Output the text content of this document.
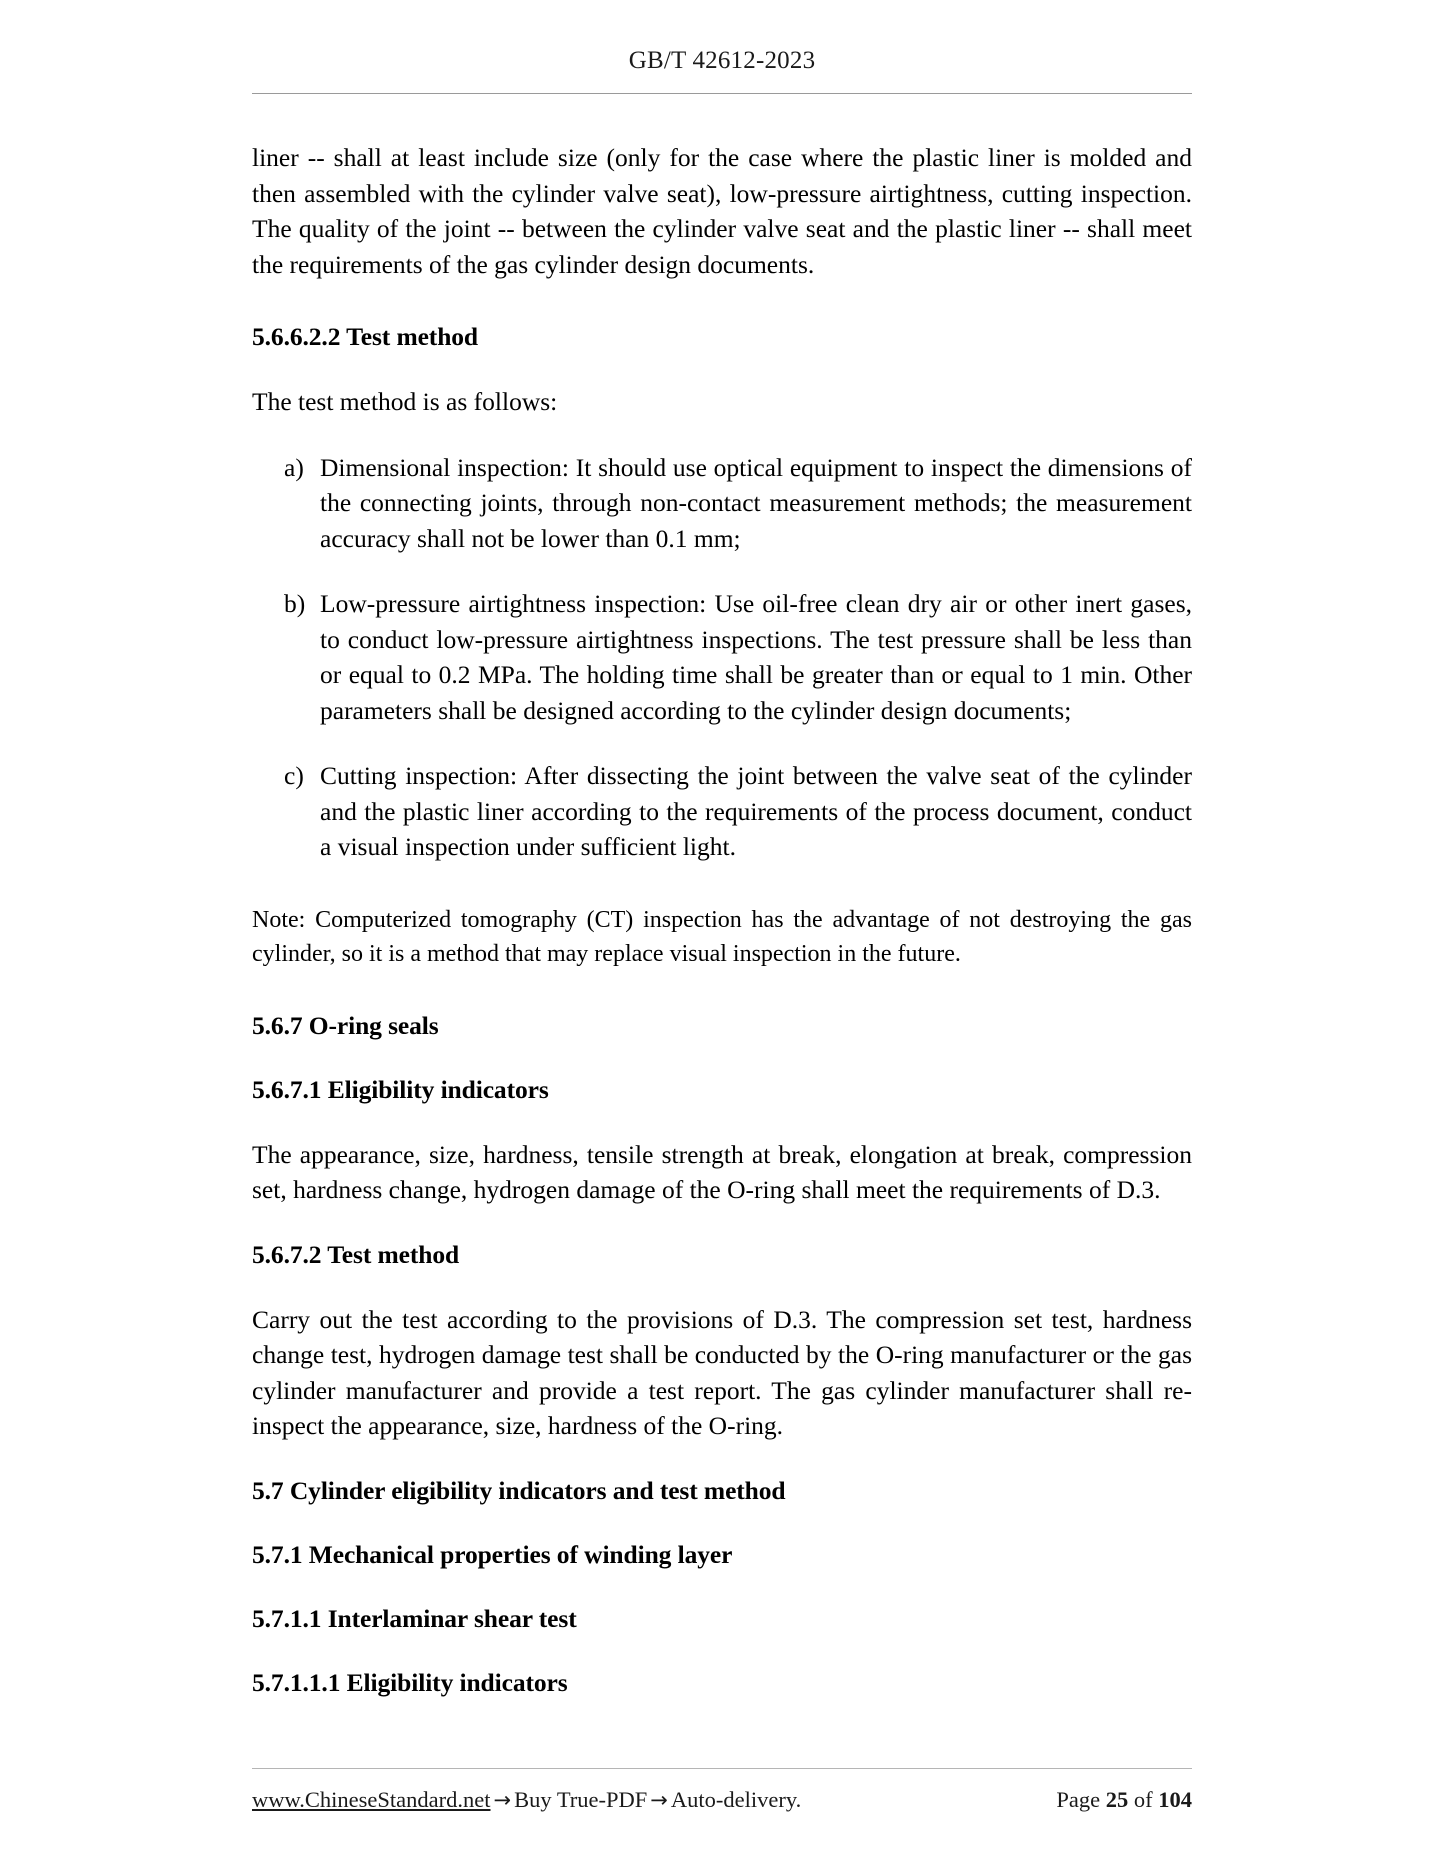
GB/T 42612-2023

liner -- shall at least include size (only for the case where the plastic liner is molded and then assembled with the cylinder valve seat), low-pressure airtightness, cutting inspection. The quality of the joint -- between the cylinder valve seat and the plastic liner -- shall meet the requirements of the gas cylinder design documents.

5.6.6.2.2 Test method

The test method is as follows:

a) Dimensional inspection: It should use optical equipment to inspect the dimensions of the connecting joints, through non-contact measurement methods; the measurement accuracy shall not be lower than 0.1 mm;
b) Low-pressure airtightness inspection: Use oil-free clean dry air or other inert gases, to conduct low-pressure airtightness inspections. The test pressure shall be less than or equal to 0.2 MPa. The holding time shall be greater than or equal to 1 min. Other parameters shall be designed according to the cylinder design documents;
c) Cutting inspection: After dissecting the joint between the valve seat of the cylinder and the plastic liner according to the requirements of the process document, conduct a visual inspection under sufficient light.

Note: Computerized tomography (CT) inspection has the advantage of not destroying the gas cylinder, so it is a method that may replace visual inspection in the future.

5.6.7 O-ring seals
5.6.7.1 Eligibility indicators

The appearance, size, hardness, tensile strength at break, elongation at break, compression set, hardness change, hydrogen damage of the O-ring shall meet the requirements of D.3.

5.6.7.2 Test method

Carry out the test according to the provisions of D.3. The compression set test, hardness change test, hydrogen damage test shall be conducted by the O-ring manufacturer or the gas cylinder manufacturer and provide a test report. The gas cylinder manufacturer shall re-inspect the appearance, size, hardness of the O-ring.

5.7 Cylinder eligibility indicators and test method
5.7.1 Mechanical properties of winding layer
5.7.1.1 Interlaminar shear test
5.7.1.1.1 Eligibility indicators
www.ChineseStandard.net → Buy True-PDF → Auto-delivery.	Page 25 of 104
